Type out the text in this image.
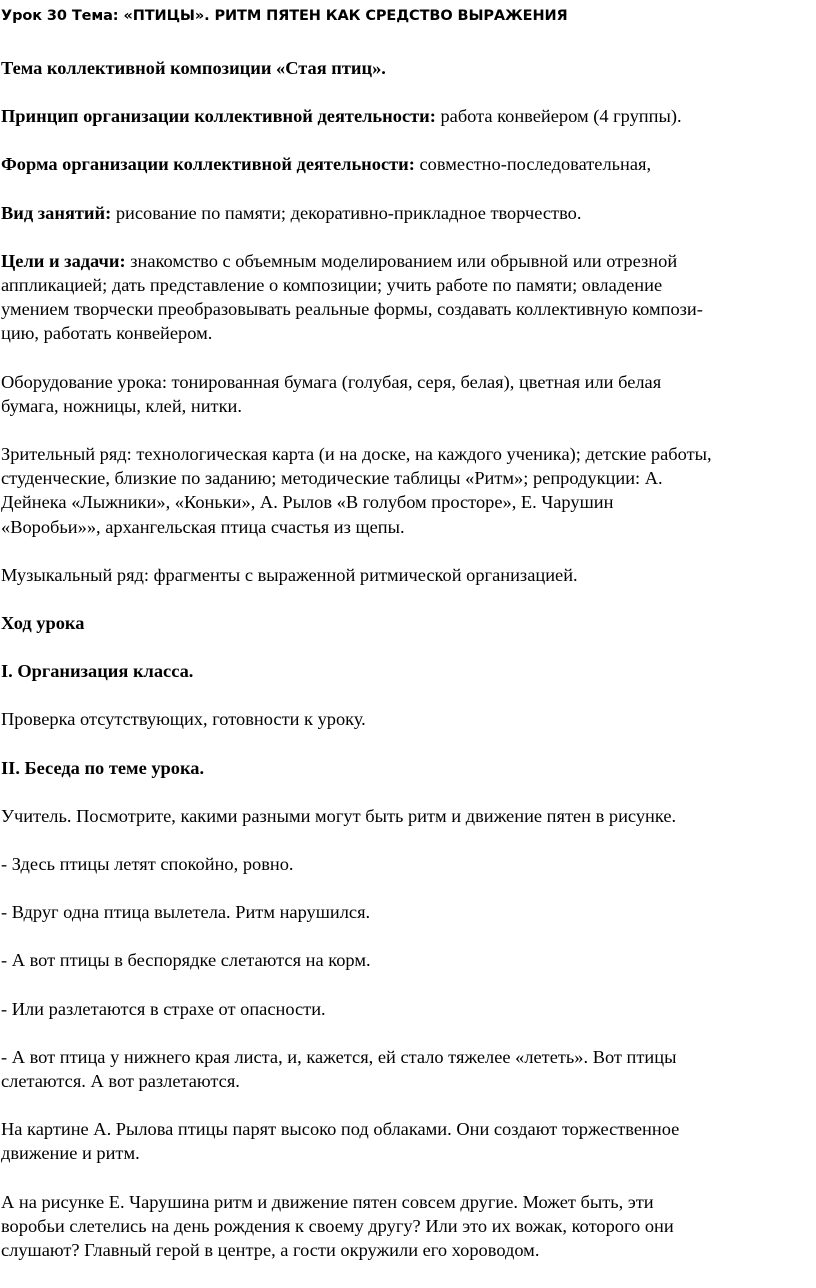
Урок 30 Тема: «ПТИЦЫ». РИТМ ПЯТЕН КАК СРЕДСТВО ВЫРАЖЕНИЯ

Тема коллективной композиции «Стая птиц».

Принцип организации коллективной деятельности: работа конвейером (4 группы).

Форма организации коллективной деятельности: совместно-последовательная,

Вид занятий: рисование по памяти; декоративно-прикладное творчество.

Цели и задачи: знакомство с объемным моделированием или обрывной или отрезной
аппликацией; дать представление о композиции; учить работе по памяти; овладение
умением творчески преобразовывать реальные формы, создавать коллективную компози-
цию, работать конвейером.

Оборудование урока: тонированная бумага (голубая, серя, белая), цветная или белая
бумага, ножницы, клей, нитки.

Зрительный ряд: технологическая карта (и на доске, на каждого ученика); детские работы,
студенческие, близкие по заданию; методические таблицы «Ритм»; репродукции: А.
Дейнека «Лыжники», «Коньки», А. Рылов «В голубом просторе», Е. Чарушин
«Воробьи»», архангельская птица счастья из щепы.

Музыкальный ряд: фрагменты с выраженной ритмической организацией.

Ход урока

I. Организация класса.

Проверка отсутствующих, готовности к уроку.

II. Беседа по теме урока.

Учитель. Посмотрите, какими разными могут быть ритм и движение пятен в рисунке.

- Здесь птицы летят спокойно, ровно.

- Вдруг одна птица вылетела. Ритм нарушился.

- А вот птицы в беспорядке слетаются на корм.

- Или разлетаются в страхе от опасности.

- А вот птица у нижнего края листа, и, кажется, ей стало тяжелее «лететь». Вот птицы
слетаются. А вот разлетаются.

На картине А. Рылова птицы парят высоко под облаками. Они создают торжественное
движение и ритм.

А на рисунке Е. Чарушина ритм и движение пятен совсем другие. Может быть, эти
воробьи слетелись на день рождения к своему другу? Или это их вожак, которого они
слушают? Главный герой в центре, а гости окружили его хороводом.
